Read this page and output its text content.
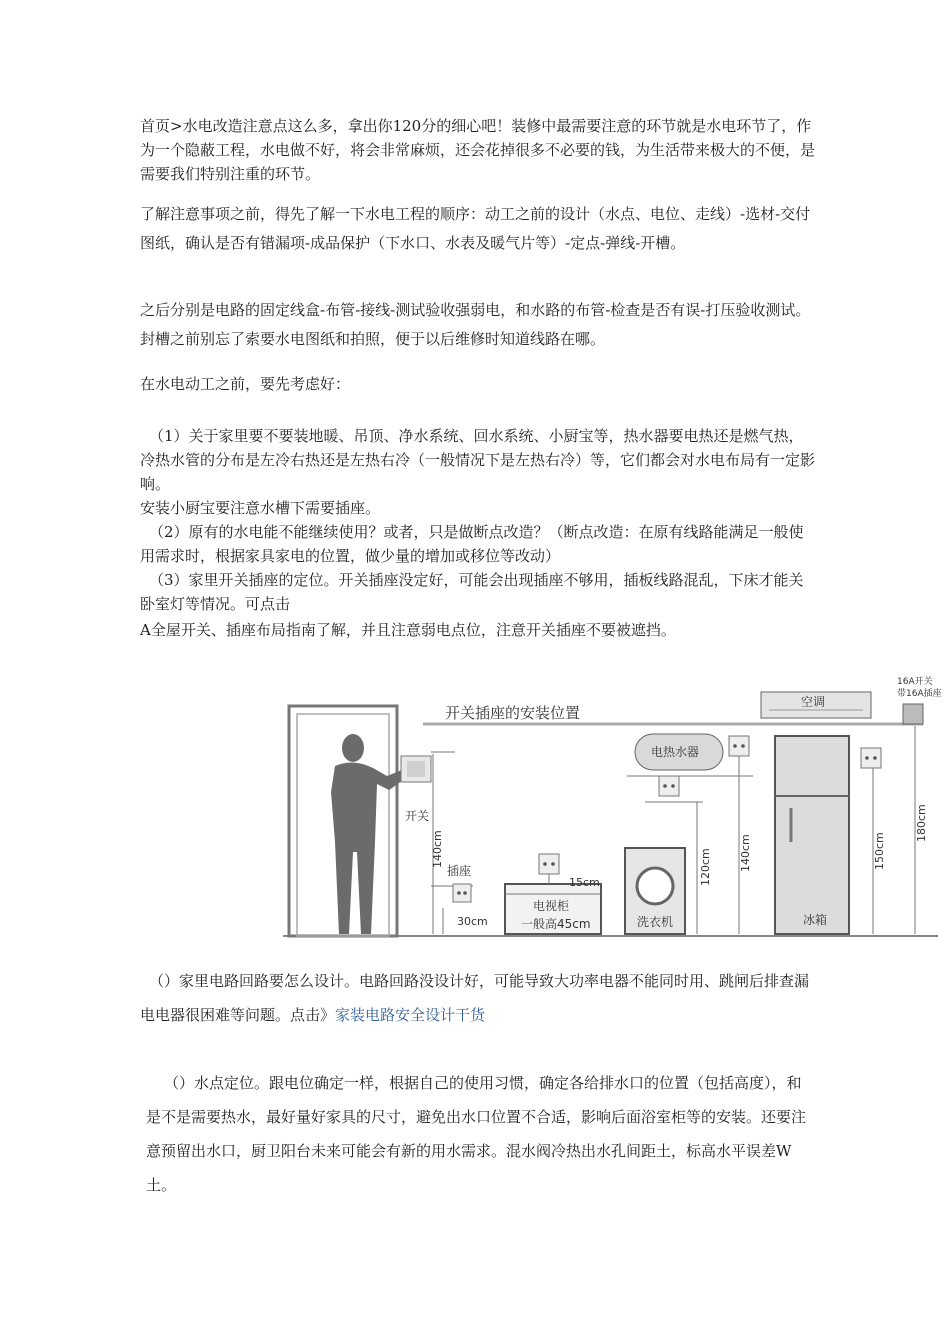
首页>水电改造注意点这么多，拿出你120分的细心吧！装修中最需要注意的环节就是水电环节了，作为一个隐蔽工程，水电做不好，将会非常麻烦，还会花掉很多不必要的钱，为生活带来极大的不便，是需要我们特别注重的环节。

了解注意事项之前，得先了解一下水电工程的顺序：动工之前的设计（水点、电位、走线）-选材-交付图纸，确认是否有错漏项-成品保护（下水口、水表及暖气片等）-定点-弹线-开槽。

之后分别是电路的固定线盒-布管-接线-测试验收强弱电，和水路的布管-检查是否有误-打压验收测试。封槽之前别忘了索要水电图纸和拍照，便于以后维修时知道线路在哪。

在水电动工之前，要先考虑好：

（1）关于家里要不要装地暖、吊顶、净水系统、回水系统、小厨宝等，热水器要电热还是燃气热，冷热水管的分布是左冷右热还是左热右冷（一般情况下是左热右冷）等，它们都会对水电布局有一定影响。

安装小厨宝要注意水槽下需要插座。

（2）原有的水电能不能继续使用？或者，只是做断点改造？（断点改造：在原有线路能满足一般使用需求时，根据家具家电的位置，做少量的增加或移位等改动）

（3）家里开关插座的定位。开关插座没定好，可能会出现插座不够用，插板线路混乱，下床才能关卧室灯等情况。可点击

A全屋开关、插座布局指南了解，并且注意弱电点位，注意开关插座不要被遮挡。

开关插座的安装位置
开关
140cm
插座
30cm
电视柜
一般高45cm
15cm
电热水器
140cm
120cm
洗衣机	冰箱
150cm
空调
16A开关
带16A插座
180cm

（）家里电路回路要怎么设计。电路回路没设计好，可能导致大功率电器不能同时用、跳闸后排查漏电电器很困难等问题。点击》家装电路安全设计干货

（）水点定位。跟电位确定一样，根据自己的使用习惯，确定各给排水口的位置（包括高度），和是不是需要热水，最好量好家具的尺寸，避免出水口位置不合适，影响后面浴室柜等的安装。还要注意预留出水口，厨卫阳台未来可能会有新的用水需求。混水阀冷热出水孔间距土，标高水平误差W土。
